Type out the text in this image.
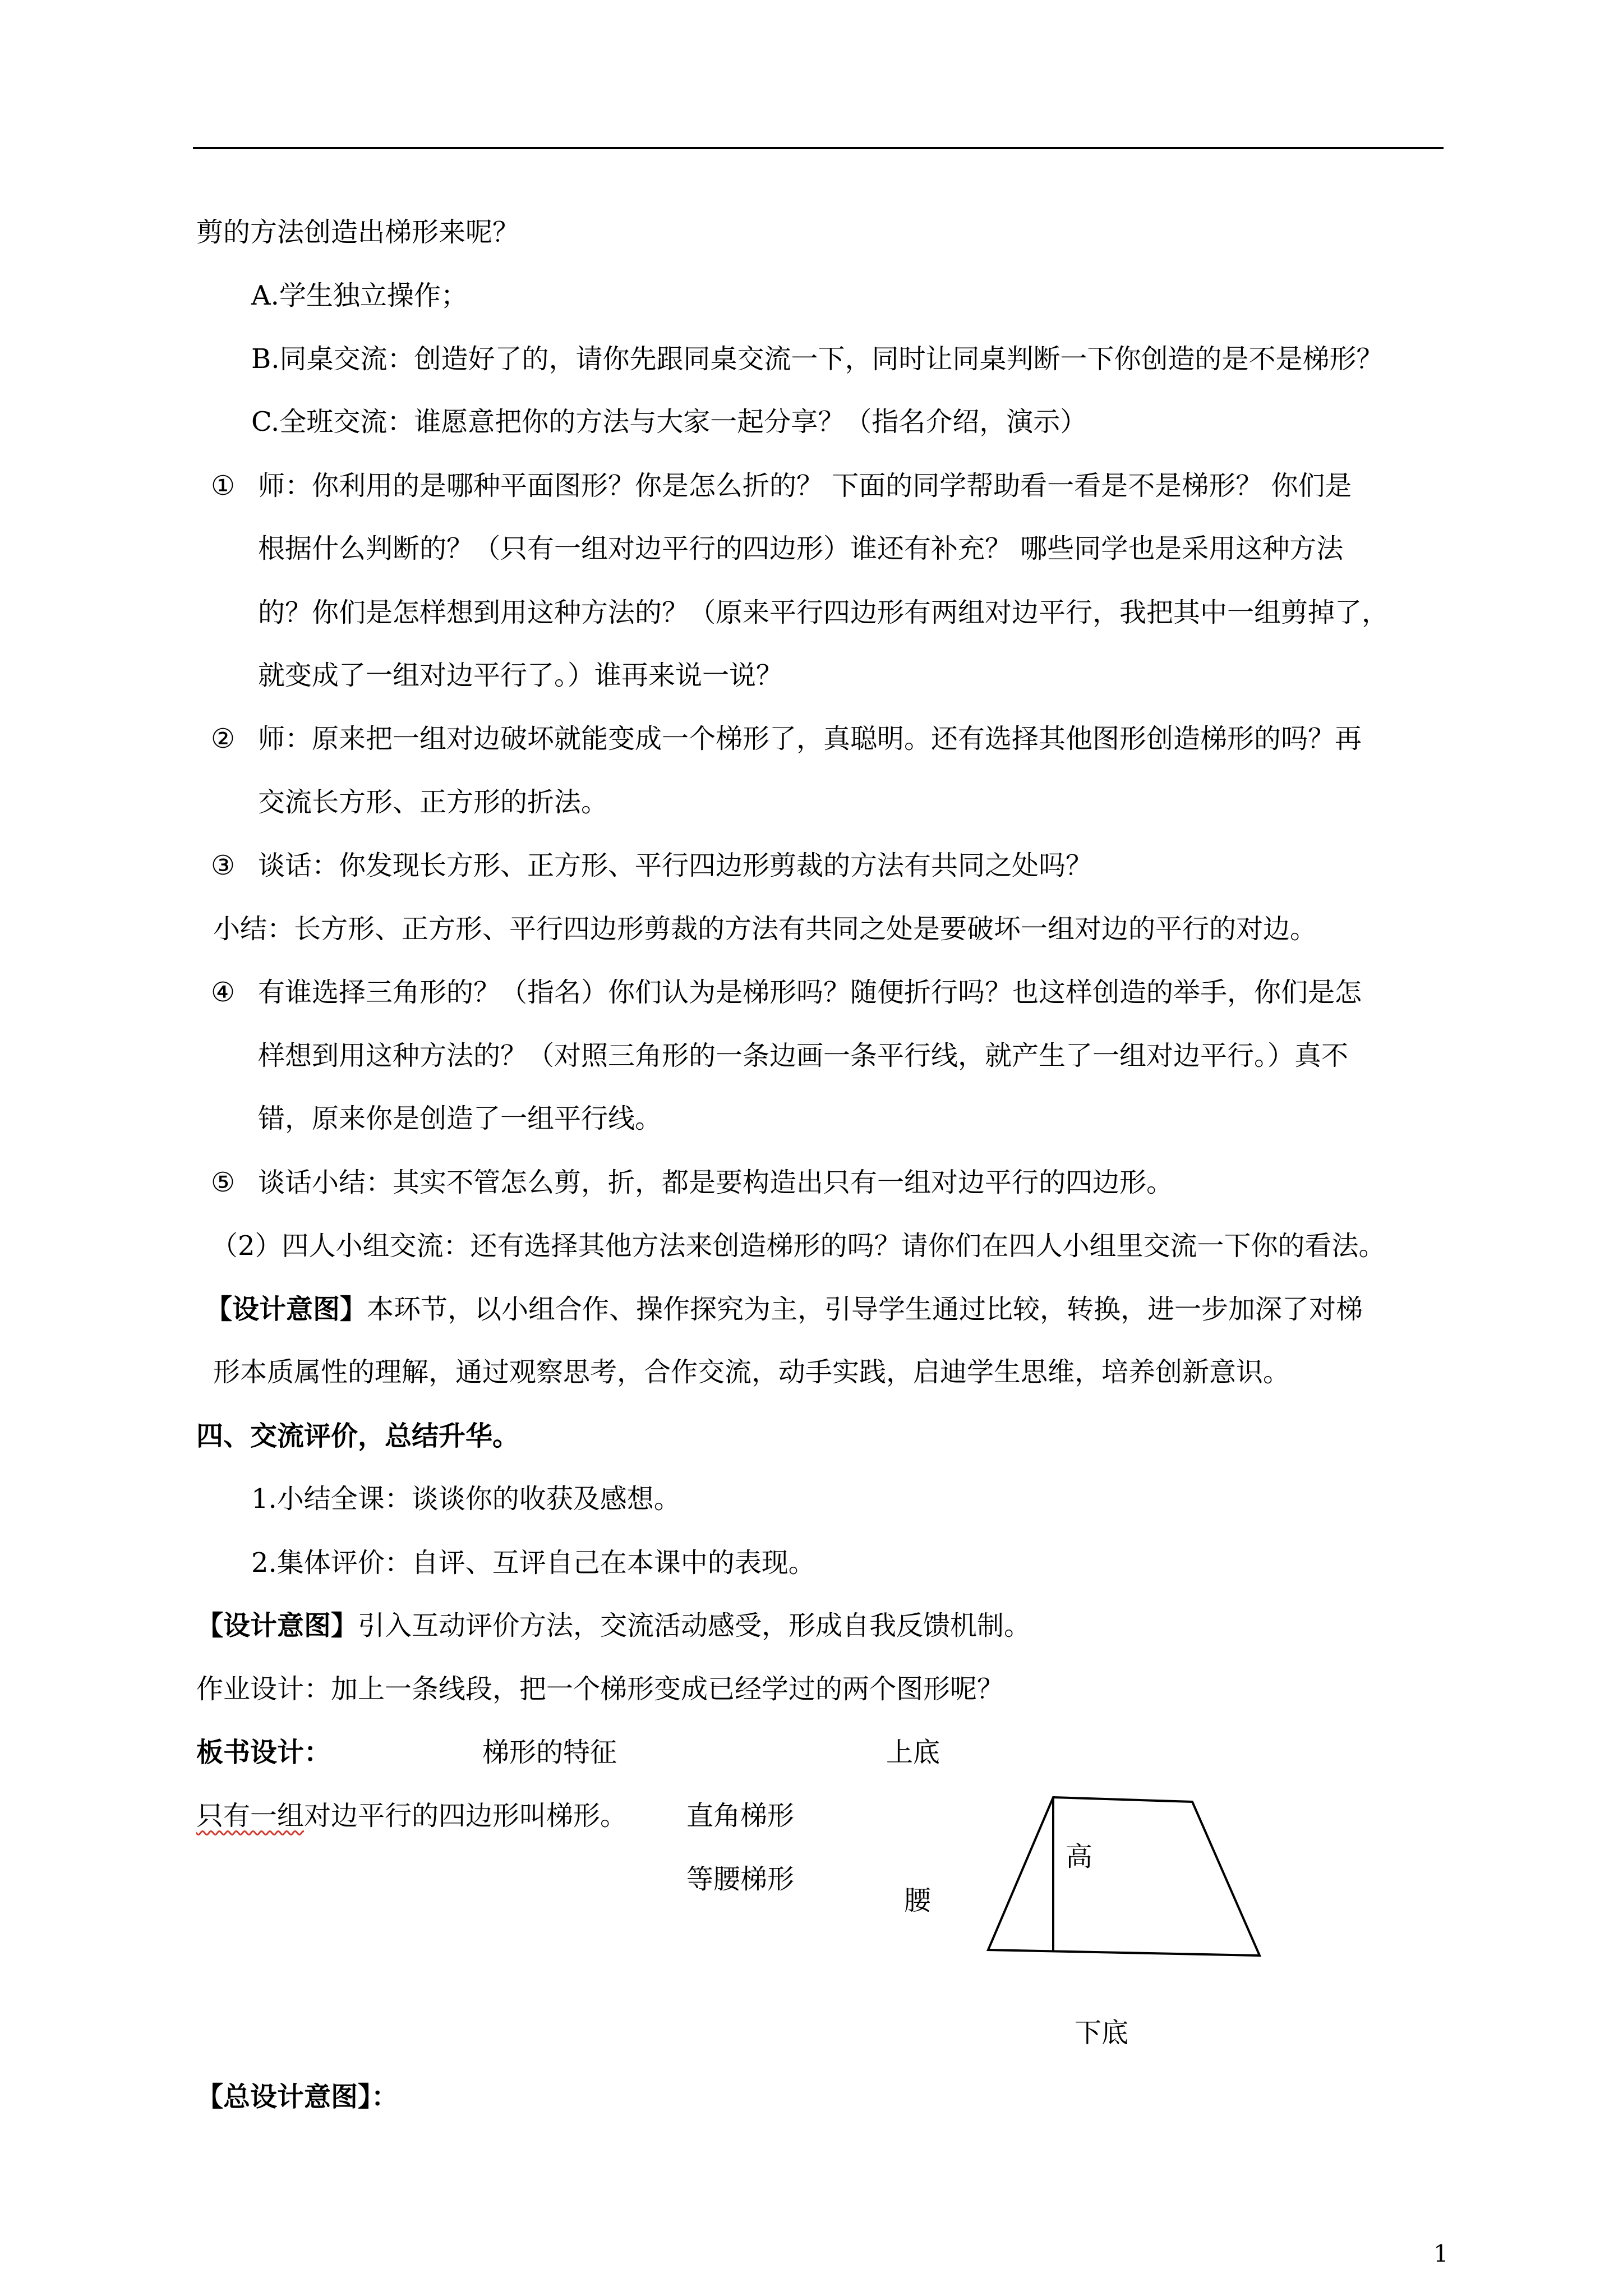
剪的方法创造出梯形来呢？
A.学生独立操作；
B.同桌交流：创造好了的，请你先跟同桌交流一下，同时让同桌判断一下你创造的是不是梯形？
C.全班交流：谁愿意把你的方法与大家一起分享？（指名介绍，演示）
① 师：你利用的是哪种平面图形？你是怎么折的？ 下面的同学帮助看一看是不是梯形？ 你们是
根据什么判断的？（只有一组对边平行的四边形）谁还有补充？ 哪些同学也是采用这种方法
的？你们是怎样想到用这种方法的？（原来平行四边形有两组对边平行，我把其中一组剪掉了，
就变成了一组对边平行了。）谁再来说一说？
② 师：原来把一组对边破坏就能变成一个梯形了，真聪明。还有选择其他图形创造梯形的吗？再
交流长方形、正方形的折法。
③ 谈话：你发现长方形、正方形、平行四边形剪裁的方法有共同之处吗？
小结：长方形、正方形、平行四边形剪裁的方法有共同之处是要破坏一组对边的平行的对边。
④ 有谁选择三角形的？（指名）你们认为是梯形吗？随便折行吗？也这样创造的举手，你们是怎
样想到用这种方法的？（对照三角形的一条边画一条平行线，就产生了一组对边平行。）真不
错，原来你是创造了一组平行线。
⑤ 谈话小结：其实不管怎么剪，折，都是要构造出只有一组对边平行的四边形。
（2）四人小组交流：还有选择其他方法来创造梯形的吗？请你们在四人小组里交流一下你的看法。
【设计意图】本环节，以小组合作、操作探究为主，引导学生通过比较，转换，进一步加深了对梯
形本质属性的理解，通过观察思考，合作交流，动手实践，启迪学生思维，培养创新意识。
四、交流评价，总结升华。
1.小结全课：谈谈你的收获及感想。
2.集体评价：自评、互评自己在本课中的表现。
【设计意图】引入互动评价方法，交流活动感受，形成自我反馈机制。
作业设计：加上一条线段，把一个梯形变成已经学过的两个图形呢？
板书设计：	梯形的特征
只有一组对边平行的四边形叫梯形。 直角梯形
等腰梯形
上底
高
腰
下底
【总设计意图】：
1
